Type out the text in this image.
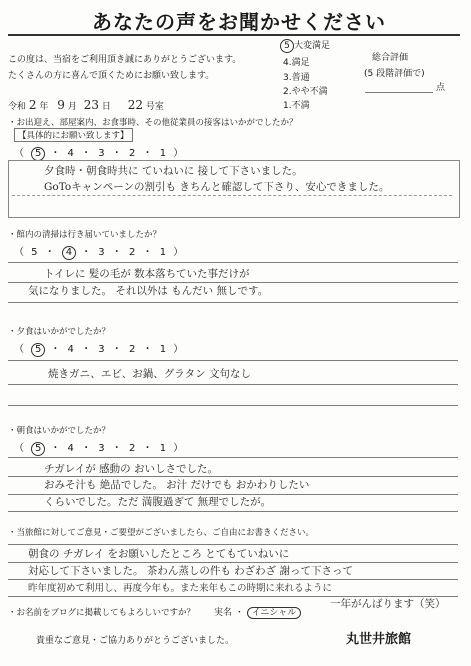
あなたの声をお聞かせください
この度は、当宿をご利用頂き誠にありがとうございます。
たくさんの方に喜んで頂くためにお願い致します。
5 大変満足
4.満足
3.普通
2.やや不満
1.不満
総合評価
(5 段階評価で)
点
令和 2 年 9 月 23 日 22 号室
・お出迎え、部屋案内、お食事時、その他従業員の接客はいかがでしたか？
【具体的にお願い致します】
（ 5 ・ 4 ・ 3 ・ 2 ・ 1 ）
夕食時・朝食時共に ていねいに 接して下さいました。
GoToキャンペーンの割引も きちんと確認して下さり、安心できました。
・館内の清掃は行き届いていましたか？
（ 5 ・ 4 ・ 3 ・ 2 ・ 1 ）
トイレに 髪の毛が 数本落ちていた事だけが
気になりました。 それ以外は もんだい 無しです。
・夕食はいかがでしたか？
（ 5 ・ 4 ・ 3 ・ 2 ・ 1 ）
焼きガニ、エビ、お鍋、グラタン 文句なし
・朝食はいかがでしたか？
（ 5 ・ 4 ・ 3 ・ 2 ・ 1 ）
チガレイが 感動の おいしさでした。
おみそ汁も 絶品でした。 お汁 だけでも おかわりしたい
くらいでした。ただ 満腹過ぎて 無理でしたが。
・当旅館に対してご意見・ご要望がございましたら、ご自由にお書きください。
朝食の チガレイ をお願いしたところ とてもていねいに
対応して下さいました。 茶わん蒸しの件も わざわざ 謝って下さって
昨年度初めて利用し、再度今年も。また来年もこの時期に来れるように
一年がんばります（笑）
・お名前をブログに掲載してもよろしいですか？ 実名 ・ イニシャル
貴重なご意見・ご協力ありがとうございました。	丸世井旅館
